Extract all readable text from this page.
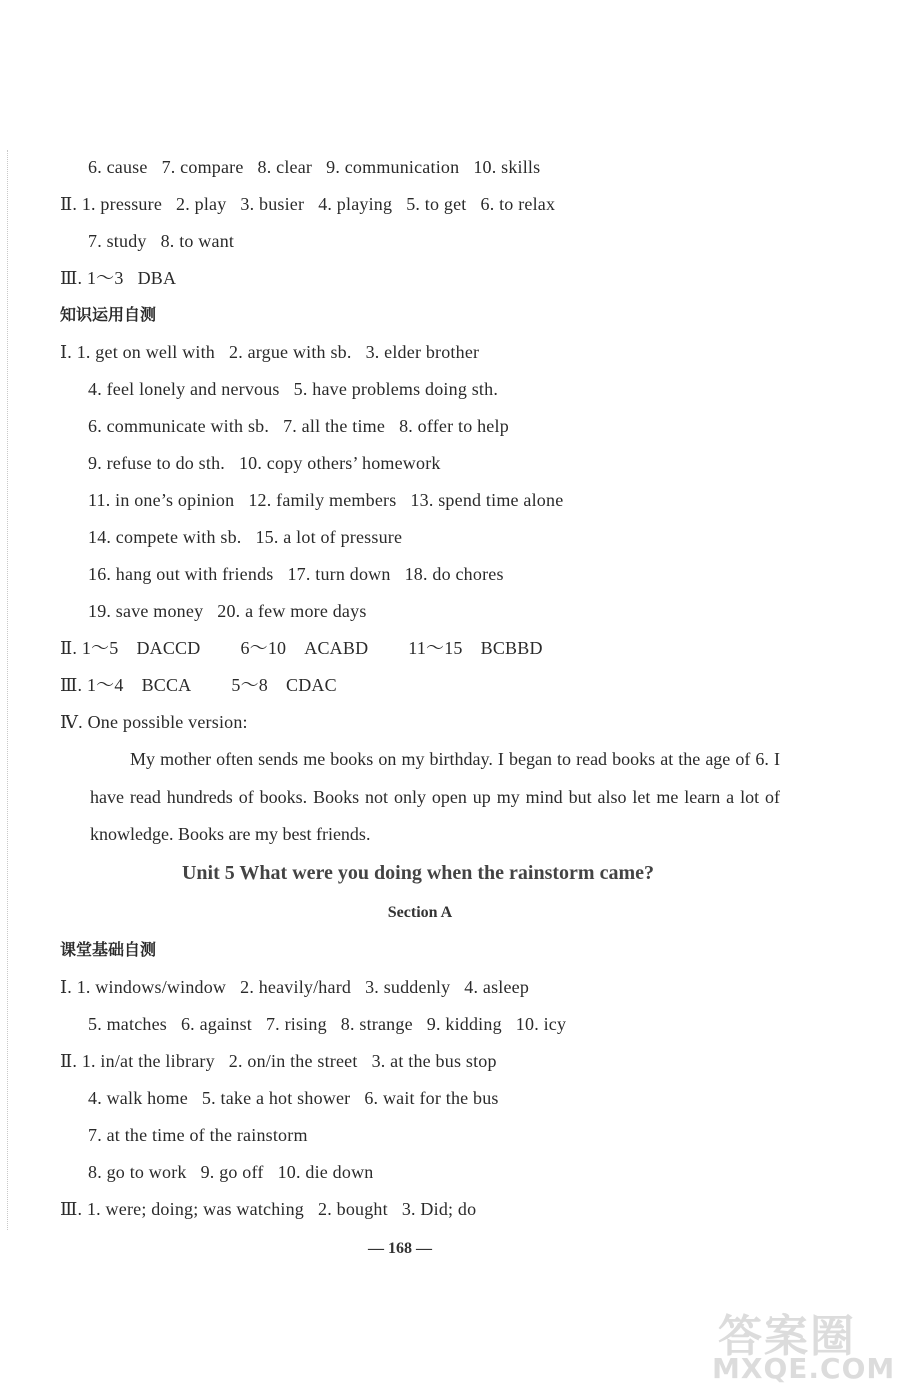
6. cause 7. compare 8. clear 9. communication 10. skills
Ⅱ. 1. pressure 2. play 3. busier 4. playing 5. to get 6. to relax
7. study 8. to want
Ⅲ. 1～3 DBA
知识运用自测
Ⅰ. 1. get on well with 2. argue with sb. 3. elder brother
4. feel lonely and nervous 5. have problems doing sth.
6. communicate with sb. 7. all the time 8. offer to help
9. refuse to do sth. 10. copy others’ homework
11. in one’s opinion 12. family members 13. spend time alone
14. compete with sb. 15. a lot of pressure
16. hang out with friends 17. turn down 18. do chores
19. save money 20. a few more days
Ⅱ. 1～5 DACCD 6～10 ACABD 11～15 BCBBD
Ⅲ. 1～4 BCCA 5～8 CDAC
Ⅳ. One possible version:
My mother often sends me books on my birthday. I began to read books at the age of 6. I have read hundreds of books. Books not only open up my mind but also let me learn a lot of knowledge. Books are my best friends.
Unit 5 What were you doing when the rainstorm came?
Section A
课堂基础自测
Ⅰ. 1. windows/window 2. heavily/hard 3. suddenly 4. asleep
5. matches 6. against 7. rising 8. strange 9. kidding 10. icy
Ⅱ. 1. in/at the library 2. on/in the street 3. at the bus stop
4. walk home 5. take a hot shower 6. wait for the bus
7. at the time of the rainstorm
8. go to work 9. go off 10. die down
Ⅲ. 1. were; doing; was watching 2. bought 3. Did; do
— 168 —
答案圈
MXQE.COM
